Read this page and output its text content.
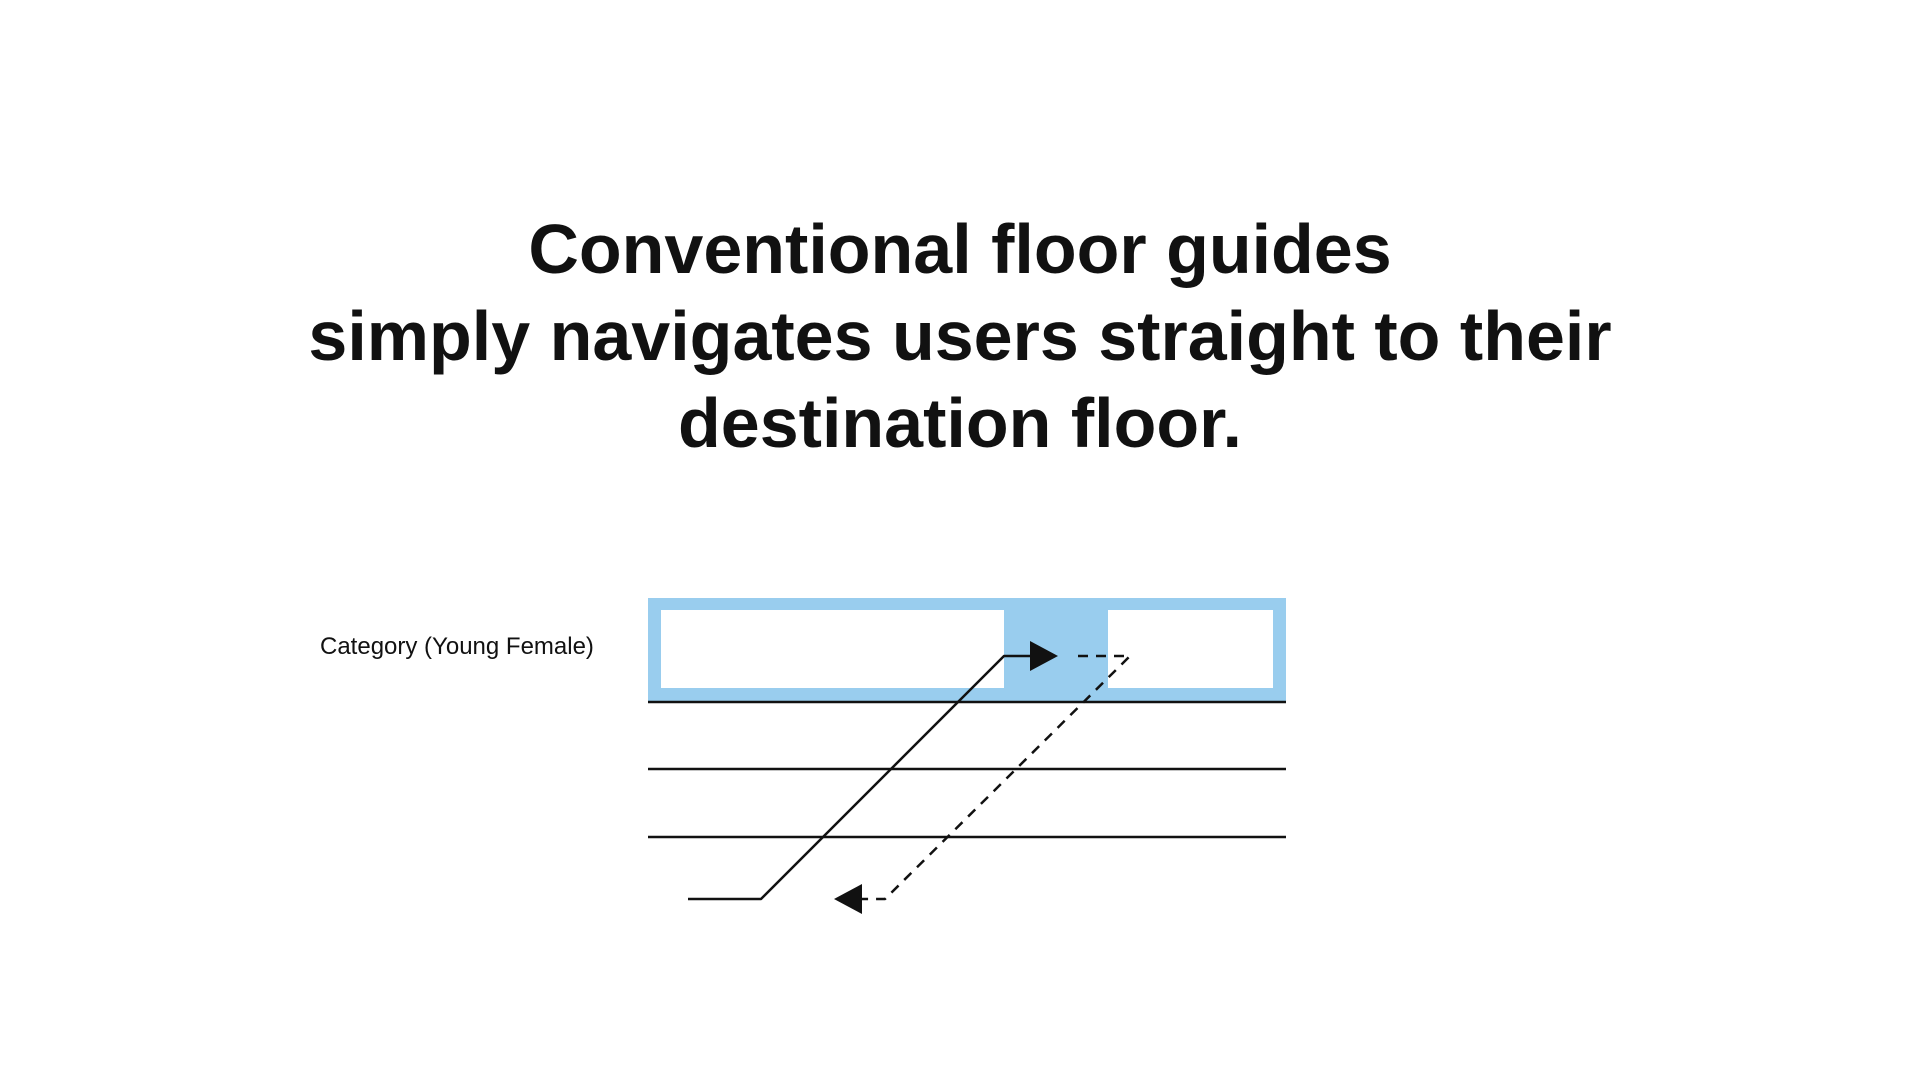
Conventional floor guides
simply navigates users straight to their
destination floor.

Category (Young Female)
